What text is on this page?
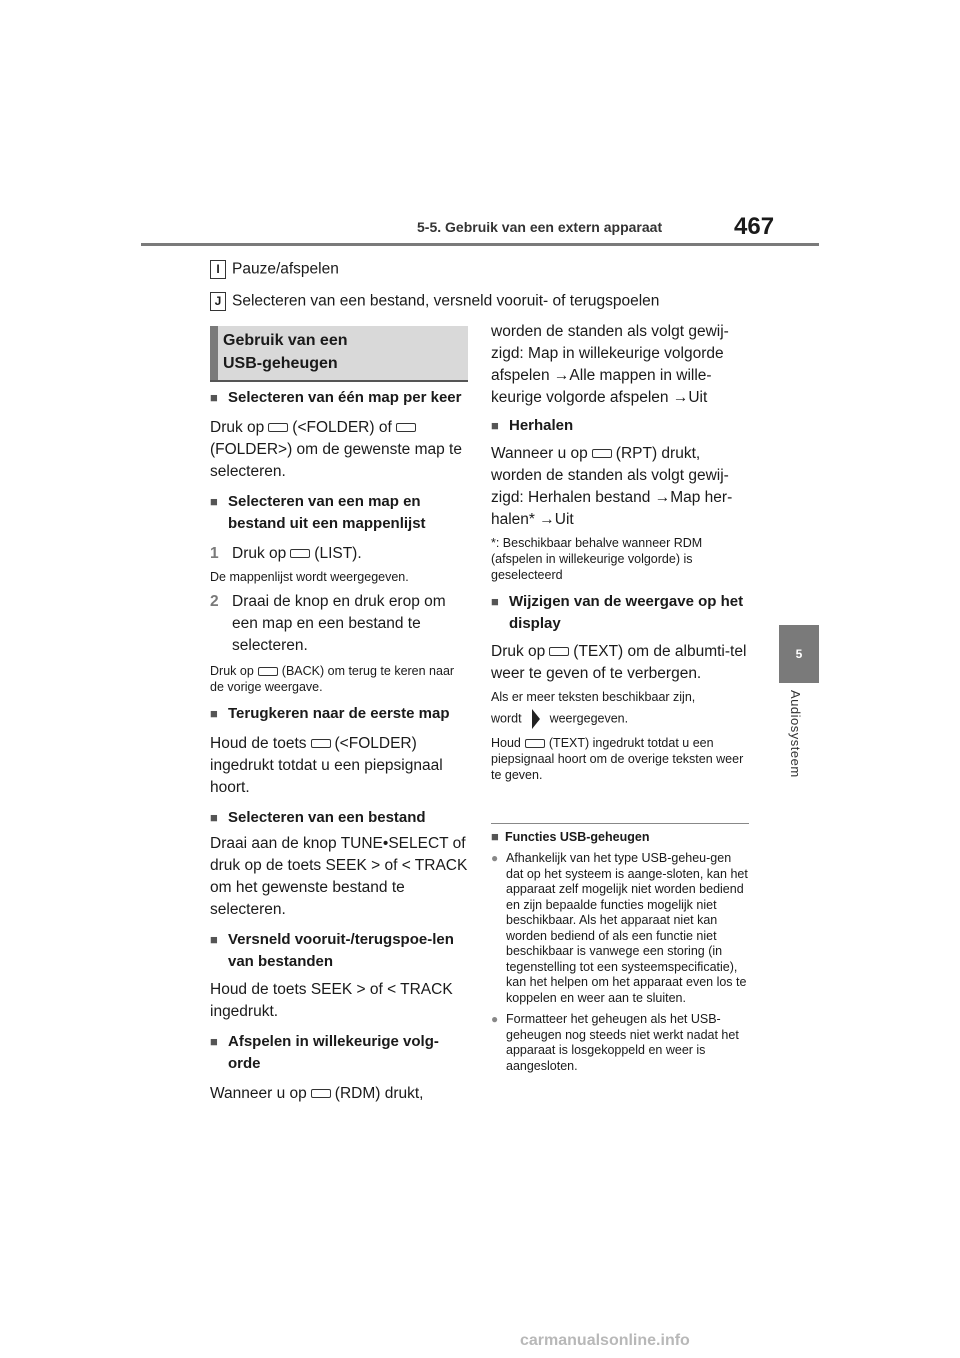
5-5. Gebruik van een extern apparaat	467
5
Audiosysteem
I Pauze/afspelen
J Selecteren van een bestand, versneld vooruit- of terugspoelen
Gebruik van een
USB-geheugen
■ Selecteren van één map per keer
Druk op (<FOLDER) of(FOLDER>) om de gewenste map te selecteren.
■ Selecteren van een map en bestand uit een mappenlijst
1 Druk op (LIST).
De mappenlijst wordt weergegeven.
2 Draai de knop en druk erop om een map en een bestand te selecteren.
Druk op (BACK) om terug te keren naar de vorige weergave.
■ Terugkeren naar de eerste map
Houd de toets (<FOLDER) ingedrukt totdat u een piepsignaal hoort.
■ Selecteren van een bestand
Draai aan de knop TUNE•SELECT of druk op de toets SEEK > of < TRACK om het gewenste bestand te selecteren.
■ Versneld vooruit-/terugspoe-len van bestanden
Houd de toets SEEK > of < TRACK ingedrukt.
■ Afspelen in willekeurige volg-orde
Wanneer u op (RDM) drukt,
worden de standen als volgt gewij-zigd: Map in willekeurige volgorde afspelen →Alle mappen in wille-keurige volgorde afspelen →Uit
■ Herhalen
Wanneer u op (RPT) drukt, worden de standen als volgt gewij-zigd: Herhalen bestand →Map her-halen* →Uit
*: Beschikbaar behalve wanneer RDM (afspelen in willekeurige volgorde) is geselecteerd
■ Wijzigen van de weergave op het display
Druk op (TEXT) om de albumti-tel weer te geven of te verbergen.
Als er meer teksten beschikbaar zijn,
wordt weergegeven.
Houd (TEXT) ingedrukt totdat u een piepsignaal hoort om de overige teksten weer te geven.
■ Functies USB-geheugen
● Afhankelijk van het type USB-geheu-gen dat op het systeem is aange-sloten, kan het apparaat zelf mogelijk niet worden bediend en zijn bepaalde functies mogelijk niet beschikbaar. Als het apparaat niet kan worden bediend of als een functie niet beschikbaar is vanwege een storing (in tegenstelling tot een systeemspecificatie), kan het helpen om het apparaat even los te koppelen en weer aan te sluiten.
● Formatteer het geheugen als het USB-geheugen nog steeds niet werkt nadat het apparaat is losgekoppeld en weer is aangesloten.
carmanualsonline.info
